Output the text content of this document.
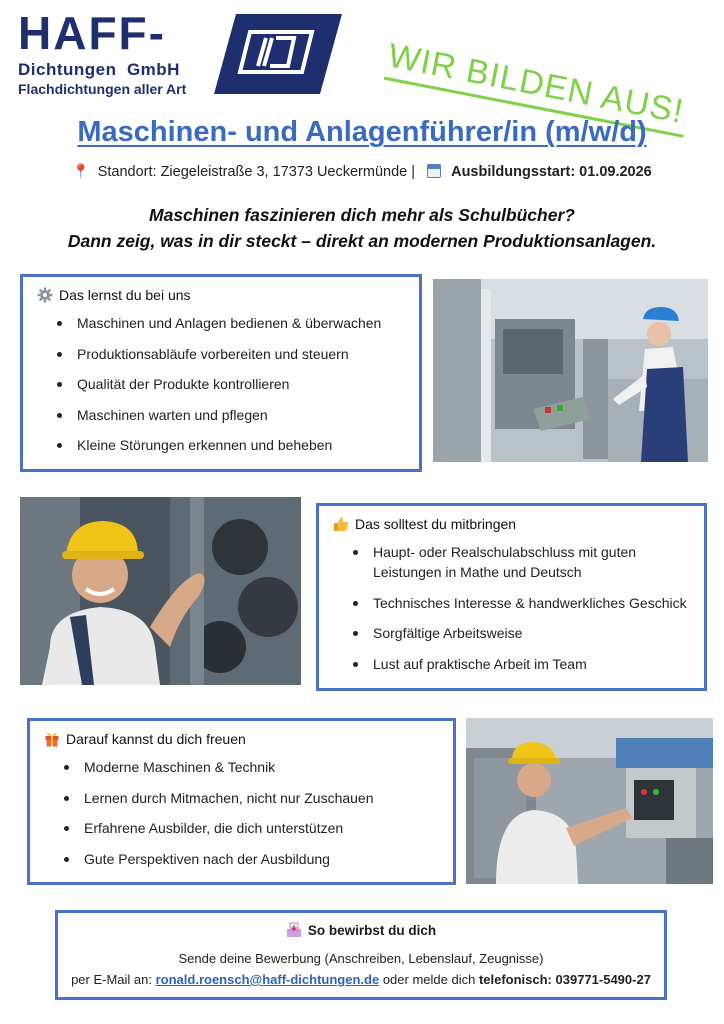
HAFF-
Dichtungen  GmbH
Flachdichtungen aller Art	WIR BILDEN AUS!
Maschinen- und Anlagenführer/in (m/w/d)
📍 Standort: Ziegeleistraße 3, 17373 Ueckermünde | Ausbildungsstart: 01.09.2026
Maschinen faszinieren dich mehr als Schulbücher?
Dann zeig, was in dir steckt – direkt an modernen Produktionsanlagen.
Das lernst du bei uns
Maschinen und Anlagen bedienen & überwachen
Produktionsabläufe vorbereiten und steuern
Qualität der Produkte kontrollieren
Maschinen warten und pflegen
Kleine Störungen erkennen und beheben
Das solltest du mitbringen
Haupt- oder Realschulabschluss mit guten Leistungen in Mathe und Deutsch
Technisches Interesse & handwerkliches Geschick
Sorgfältige Arbeitsweise
Lust auf praktische Arbeit im Team
Darauf kannst du dich freuen
Moderne Maschinen & Technik
Lernen durch Mitmachen, nicht nur Zuschauen
Erfahrene Ausbilder, die dich unterstützen
Gute Perspektiven nach der Ausbildung
So bewirbst du dich
Sende deine Bewerbung (Anschreiben, Lebenslauf, Zeugnisse)
per E-Mail an: ronald.roensch@haff-dichtungen.de oder melde dich telefonisch: 039771-5490-27
